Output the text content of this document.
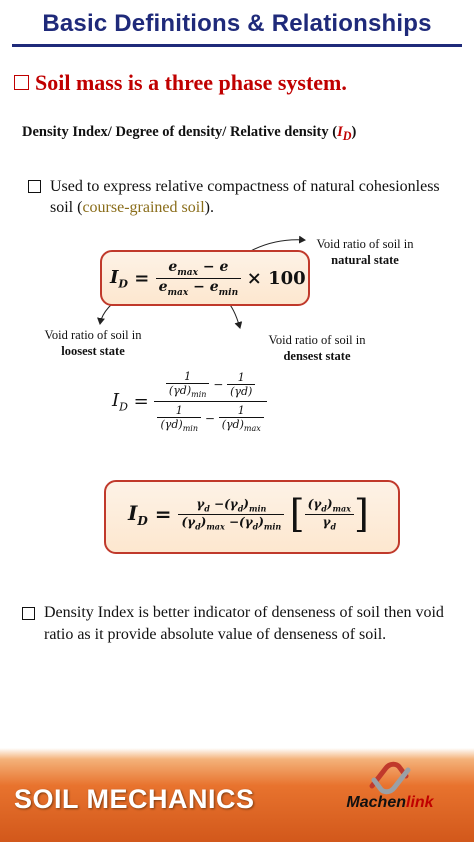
Basic Definitions & Relationships
Soil mass is a three phase system.
Density Index/ Degree of density/ Relative density $(I_D)$
Used to express relative compactness of natural cohesionless soil (course-grained soil).
$I_D = \frac{e_{max} - e}{e_{max} - e_{min}} \times 100$
Void ratio of soil in
natural state
Void ratio of soil in
loosest state
Void ratio of soil in
densest state
$I_D$ =
$\frac{1}{(\gamma d)_{min}} - \frac{1}{(\gamma d)}$
$\frac{1}{(\gamma d)_{min}} - \frac{1}{(\gamma d)_{max}}$
$I_D = \frac{\gamma_d -(\gamma_d)_{min}}{(\gamma_d)_{max} -(\gamma_d)_{min}}$ [ $\frac{(\gamma_d)_{max}}{\gamma_d}$ ]
Density Index is better indicator of denseness of soil then void ratio as it provide absolute value of denseness of soil.
SOIL MECHANICS	Machenlink
